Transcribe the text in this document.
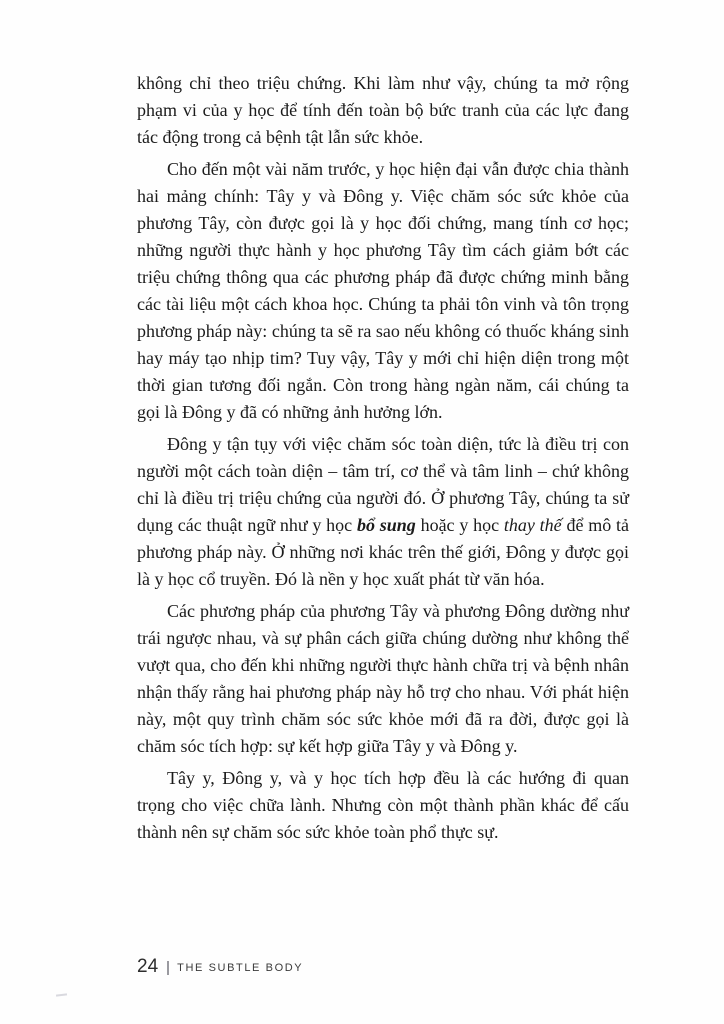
không chỉ theo triệu chứng. Khi làm như vậy, chúng ta mở rộng phạm vi của y học để tính đến toàn bộ bức tranh của các lực đang tác động trong cả bệnh tật lẫn sức khỏe.

Cho đến một vài năm trước, y học hiện đại vẫn được chia thành hai mảng chính: Tây y và Đông y. Việc chăm sóc sức khỏe của phương Tây, còn được gọi là y học đối chứng, mang tính cơ học; những người thực hành y học phương Tây tìm cách giảm bớt các triệu chứng thông qua các phương pháp đã được chứng minh bằng các tài liệu một cách khoa học. Chúng ta phải tôn vinh và tôn trọng phương pháp này: chúng ta sẽ ra sao nếu không có thuốc kháng sinh hay máy tạo nhịp tim? Tuy vậy, Tây y mới chỉ hiện diện trong một thời gian tương đối ngắn. Còn trong hàng ngàn năm, cái chúng ta gọi là Đông y đã có những ảnh hưởng lớn.

Đông y tận tụy với việc chăm sóc toàn diện, tức là điều trị con người một cách toàn diện – tâm trí, cơ thể và tâm linh – chứ không chỉ là điều trị triệu chứng của người đó. Ở phương Tây, chúng ta sử dụng các thuật ngữ như y học bổ sung hoặc y học thay thế để mô tả phương pháp này. Ở những nơi khác trên thế giới, Đông y được gọi là y học cổ truyền. Đó là nền y học xuất phát từ văn hóa.

Các phương pháp của phương Tây và phương Đông dường như trái ngược nhau, và sự phân cách giữa chúng dường như không thể vượt qua, cho đến khi những người thực hành chữa trị và bệnh nhân nhận thấy rằng hai phương pháp này hỗ trợ cho nhau. Với phát hiện này, một quy trình chăm sóc sức khỏe mới đã ra đời, được gọi là chăm sóc tích hợp: sự kết hợp giữa Tây y và Đông y.

Tây y, Đông y, và y học tích hợp đều là các hướng đi quan trọng cho việc chữa lành. Nhưng còn một thành phần khác để cấu thành nên sự chăm sóc sức khỏe toàn phổ thực sự.

24 THE SUBTLE BODY
